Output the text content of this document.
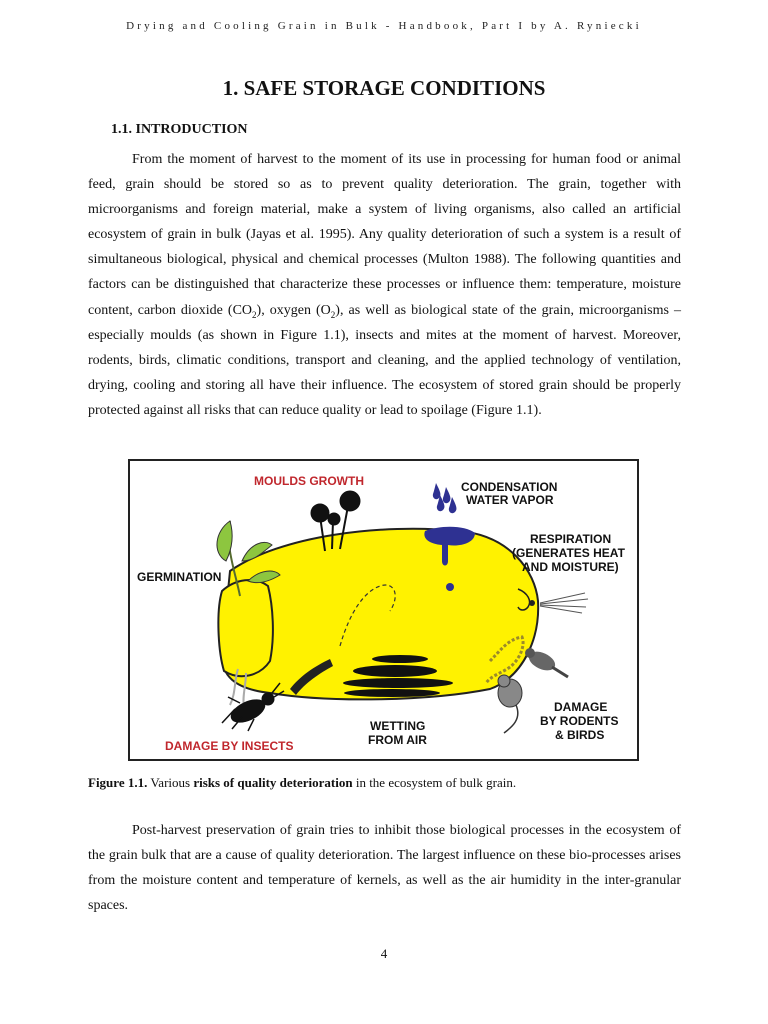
Drying and Cooling Grain in Bulk - Handbook, Part I by A. Ryniecki
1. SAFE STORAGE CONDITIONS
1.1. INTRODUCTION

From the moment of harvest to the moment of its use in processing for human food or animal feed, grain should be stored so as to prevent quality deterioration. The grain, together with microorganisms and foreign material, make a system of living organisms, also called an artificial ecosystem of grain in bulk (Jayas et al. 1995). Any quality deterioration of such a system is a result of simultaneous biological, physical and chemical processes (Multon 1988). The following quantities and factors can be distinguished that characterize these processes or influence them: temperature, moisture content, carbon dioxide $(CO_2)$, oxygen $(O_2)$, as well as biological state of the grain, microorganisms – especially moulds (as shown in Figure 1.1), insects and mites at the moment of harvest. Moreover, rodents, birds, climatic conditions, transport and cleaning, and the applied technology of ventilation, drying, cooling and storing all have their influence. The ecosystem of stored grain should be properly protected against all risks that can reduce quality or lead to spoilage (Figure 1.1).

MOULDS GROWTH	CONDENSATION
WATER VAPOR
RESPIRATION
(GENERATES HEAT
AND MOISTURE)
GERMINATION
DAMAGE
BY RODENTS
& BIRDS
WETTING
FROM AIR
DAMAGE BY INSECTS

Figure 1.1. Various risks of quality deterioration in the ecosystem of bulk grain.

Post-harvest preservation of grain tries to inhibit those biological processes in the ecosystem of the grain bulk that are a cause of quality deterioration. The largest influence on these bio-processes arises from the moisture content and temperature of kernels, as well as the air humidity in the inter-granular spaces.

4
